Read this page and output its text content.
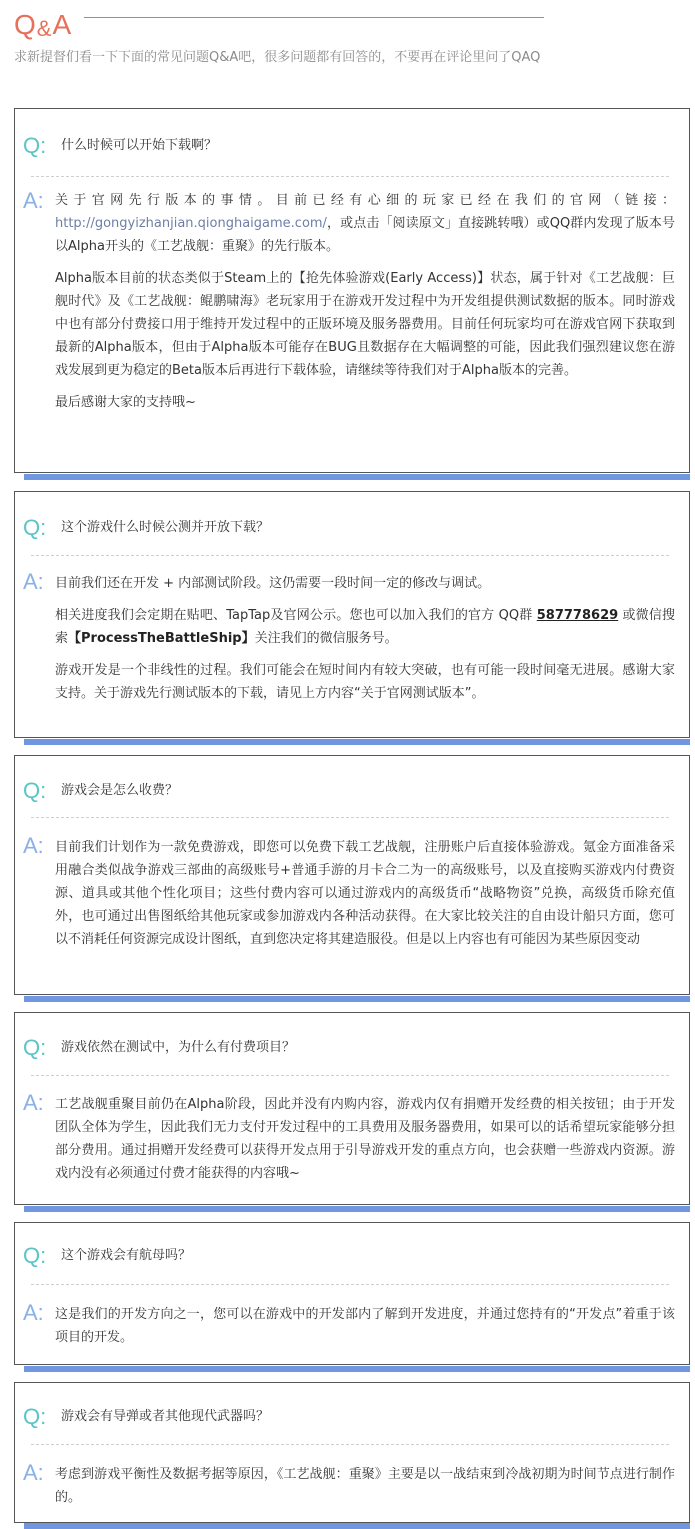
Q&A
求新提督们看一下下面的常见问题Q&A吧，很多问题都有回答的，不要再在评论里问了QAQ
Q: 什么时候可以开始下载啊？
A: 关于官网先行版本的事情。目前已经有心细的玩家已经在我们的官网（链接：http://gongyizhanjian.qionghaigame.com/，或点击「阅读原文」直接跳转哦）或QQ群内发现了版本号以Alpha开头的《工艺战舰：重聚》的先行版本。

Alpha版本目前的状态类似于Steam上的【抢先体验游戏(Early Access)】状态，属于针对《工艺战舰：巨舰时代》及《工艺战舰：鲲鹏啸海》老玩家用于在游戏开发过程中为开发组提供测试数据的版本。同时游戏中也有部分付费接口用于维持开发过程中的正版环境及服务器费用。目前任何玩家均可在游戏官网下获取到最新的Alpha版本，但由于Alpha版本可能存在BUG且数据存在大幅调整的可能，因此我们强烈建议您在游戏发展到更为稳定的Beta版本后再进行下载体验，请继续等待我们对于Alpha版本的完善。

最后感谢大家的支持哦~

Q: 这个游戏什么时候公测并开放下载？
A: 目前我们还在开发 + 内部测试阶段。这仍需要一段时间一定的修改与调试。

相关进度我们会定期在贴吧、TapTap及官网公示。您也可以加入我们的官方 QQ群 587778629 或微信搜索【ProcessTheBattleShip】关注我们的微信服务号。

游戏开发是一个非线性的过程。我们可能会在短时间内有较大突破，也有可能一段时间毫无进展。感谢大家支持。关于游戏先行测试版本的下载，请见上方内容“关于官网测试版本”。

Q: 游戏会是怎么收费？
A: 目前我们计划作为一款免费游戏，即您可以免费下载工艺战舰，注册账户后直接体验游戏。氪金方面准备采用融合类似战争游戏三部曲的高级账号+普通手游的月卡合二为一的高级账号，以及直接购买游戏内付费资源、道具或其他个性化项目；这些付费内容可以通过游戏内的高级货币“战略物资”兑换，高级货币除充值外，也可通过出售图纸给其他玩家或参加游戏内各种活动获得。在大家比较关注的自由设计船只方面，您可以不消耗任何资源完成设计图纸，直到您决定将其建造服役。但是以上内容也有可能因为某些原因变动

Q: 游戏依然在测试中，为什么有付费项目？
A: 工艺战舰重聚目前仍在Alpha阶段，因此并没有内购内容，游戏内仅有捐赠开发经费的相关按钮；由于开发团队全体为学生，因此我们无力支付开发过程中的工具费用及服务器费用，如果可以的话希望玩家能够分担部分费用。通过捐赠开发经费可以获得开发点用于引导游戏开发的重点方向，也会获赠一些游戏内资源。游戏内没有必须通过付费才能获得的内容哦~

Q: 这个游戏会有航母吗？
A: 这是我们的开发方向之一，您可以在游戏中的开发部内了解到开发进度，并通过您持有的“开发点”着重于该项目的开发。

Q: 游戏会有导弹或者其他现代武器吗？
A: 考虑到游戏平衡性及数据考据等原因，《工艺战舰：重聚》主要是以一战结束到冷战初期为时间节点进行制作的。
